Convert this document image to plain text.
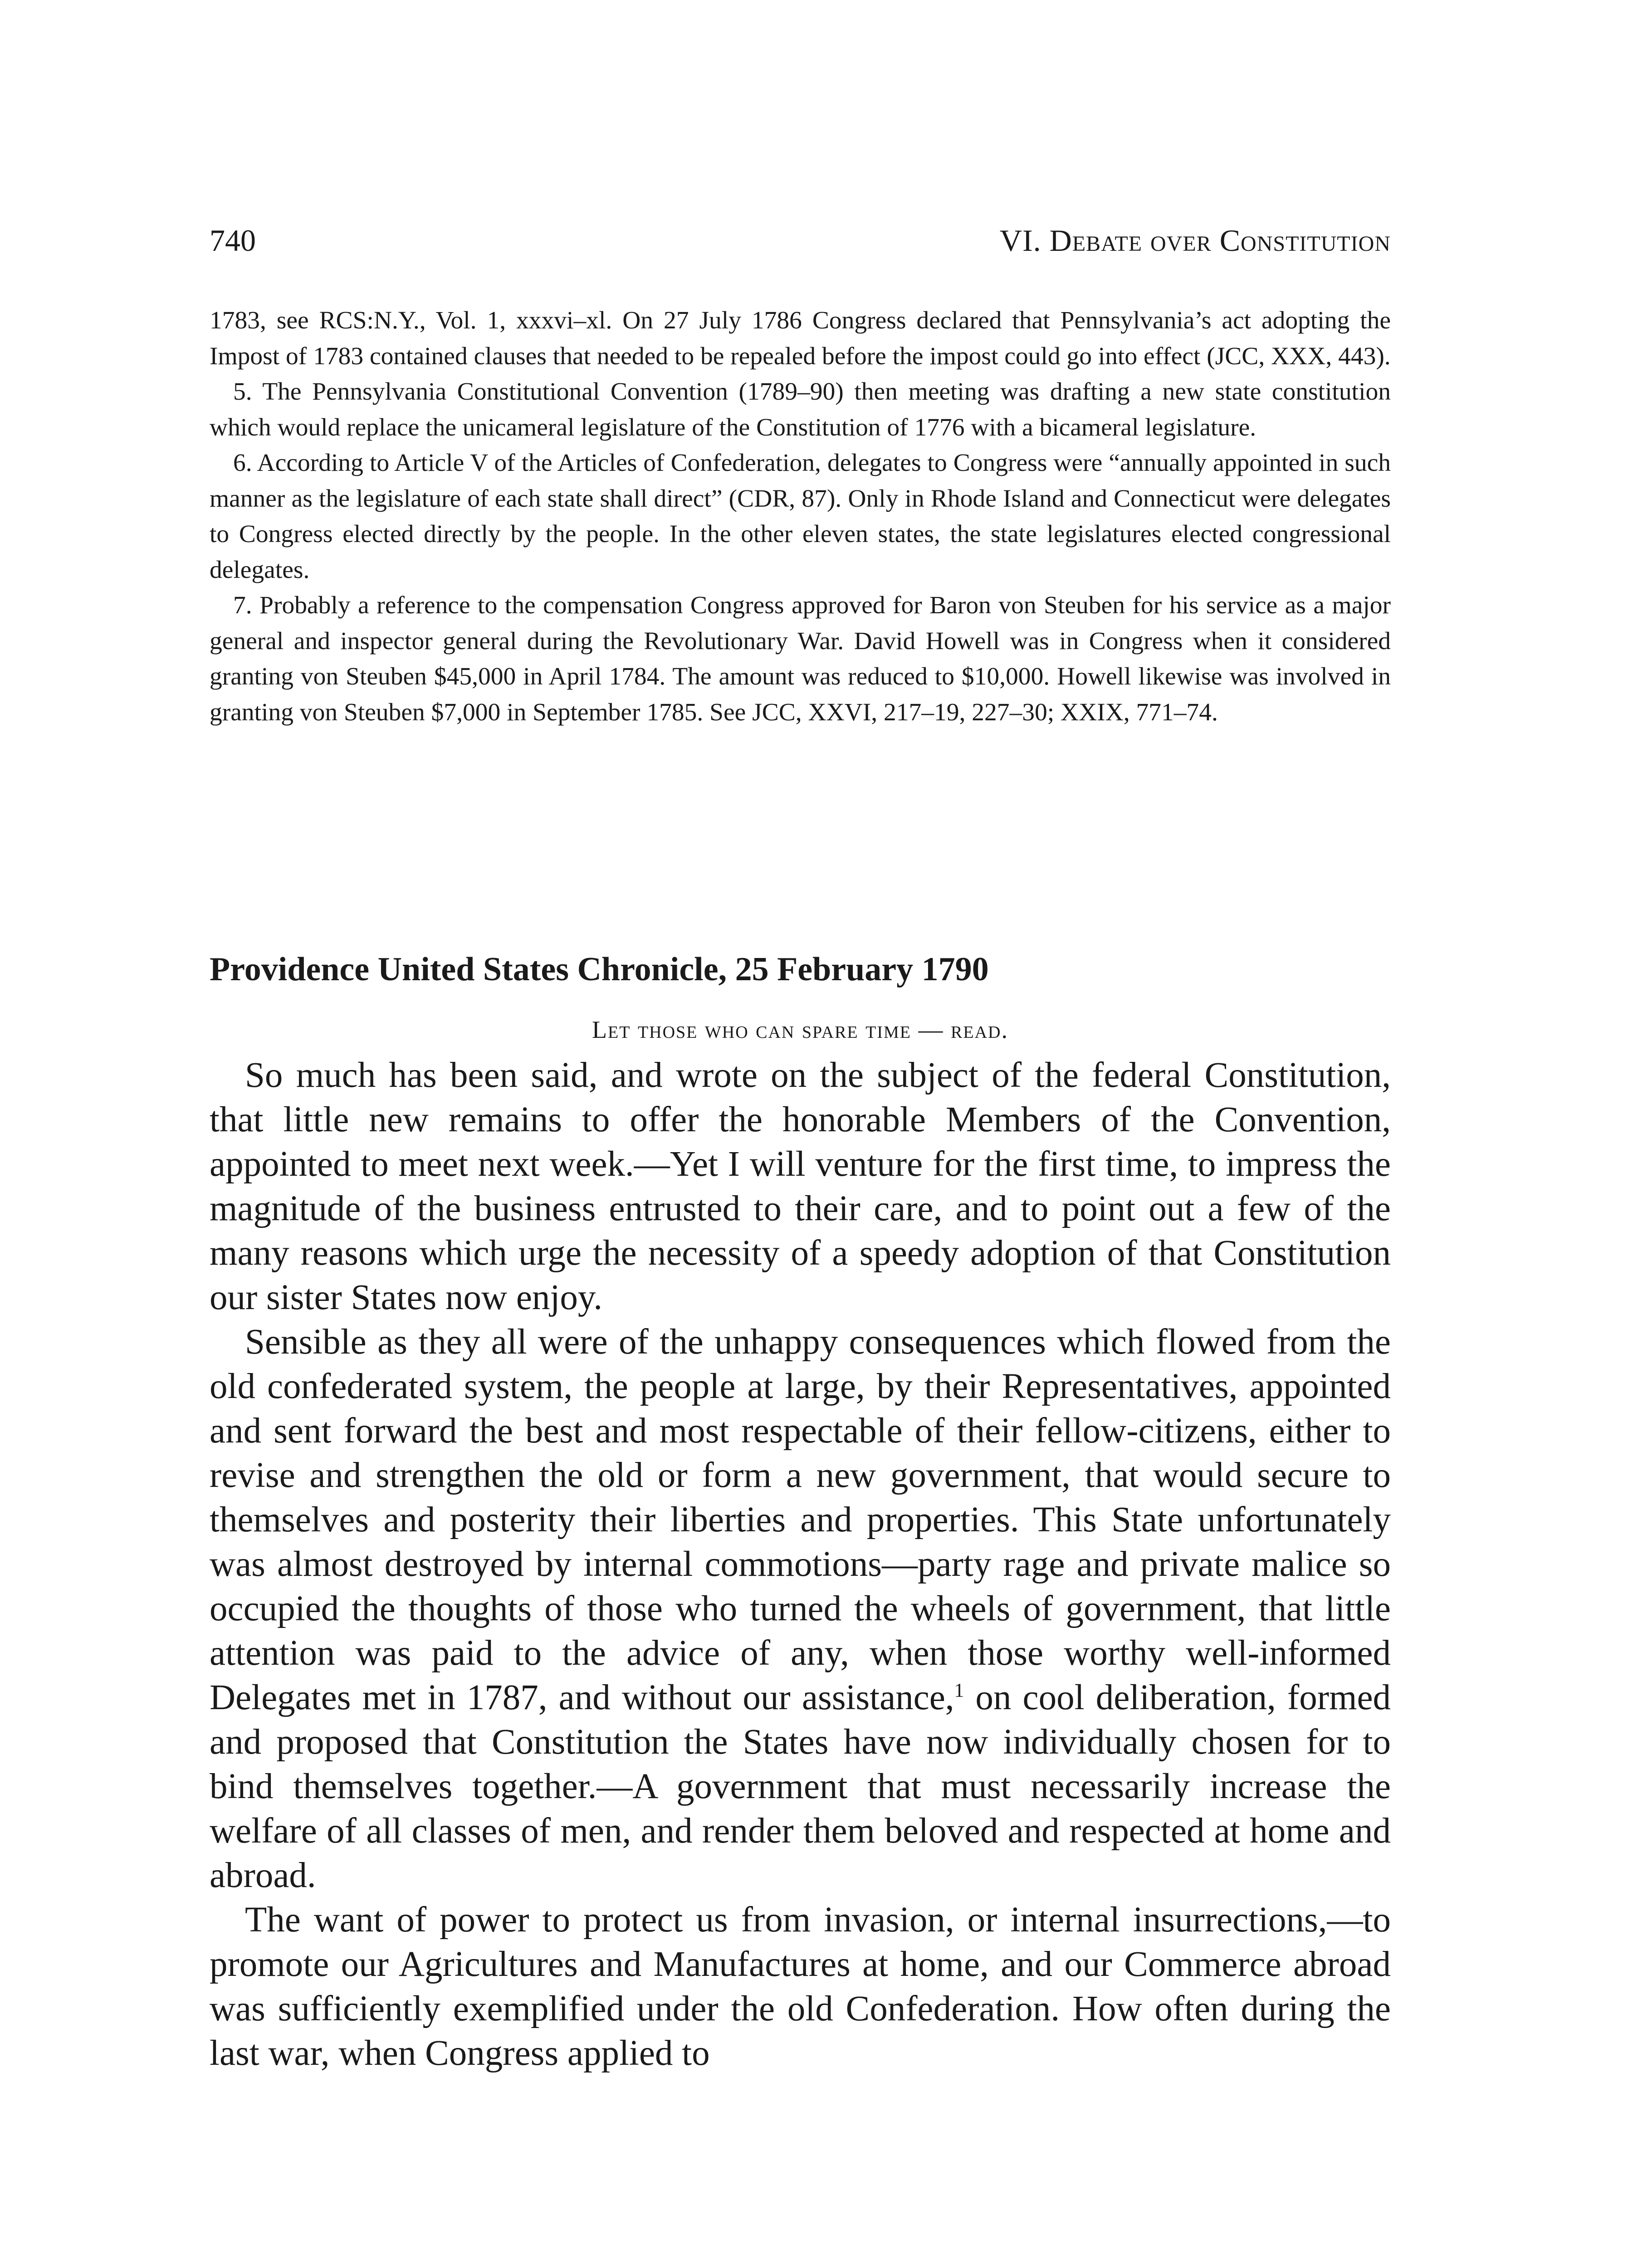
740	VI. Debate over Constitution

1783, see RCS:N.Y., Vol. 1, xxxvi–xl. On 27 July 1786 Congress declared that Pennsylvania’s act adopting the Impost of 1783 contained clauses that needed to be repealed before the impost could go into effect (JCC, XXX, 443).

5. The Pennsylvania Constitutional Convention (1789–90) then meeting was drafting a new state constitution which would replace the unicameral legislature of the Constitution of 1776 with a bicameral legislature.

6. According to Article V of the Articles of Confederation, delegates to Congress were “annually appointed in such manner as the legislature of each state shall direct” (CDR, 87). Only in Rhode Island and Connecticut were delegates to Congress elected directly by the people. In the other eleven states, the state legislatures elected congressional delegates.

7. Probably a reference to the compensation Congress approved for Baron von Steuben for his service as a major general and inspector general during the Revolutionary War. David Howell was in Congress when it considered granting von Steuben $45,000 in April 1784. The amount was reduced to $10,000. Howell likewise was involved in granting von Steuben $7,000 in September 1785. See JCC, XXVI, 217–19, 227–30; XXIX, 771–74.

Providence United States Chronicle, 25 February 1790
Let those who can spare time — read.

So much has been said, and wrote on the subject of the federal Constitution, that little new remains to offer the honorable Members of the Convention, appointed to meet next week.—Yet I will venture for the first time, to impress the magnitude of the business entrusted to their care, and to point out a few of the many reasons which urge the necessity of a speedy adoption of that Constitution our sister States now enjoy.

Sensible as they all were of the unhappy consequences which flowed from the old confederated system, the people at large, by their Representatives, appointed and sent forward the best and most respectable of their fellow-citizens, either to revise and strengthen the old or form a new government, that would secure to themselves and posterity their liberties and properties. This State unfortunately was almost destroyed by internal commotions—party rage and private malice so occupied the thoughts of those who turned the wheels of government, that little attention was paid to the advice of any, when those worthy well-informed Delegates met in 1787, and without our assistance,$^1$ on cool deliberation, formed and proposed that Constitution the States have now individually chosen for to bind themselves together.—A government that must necessarily increase the welfare of all classes of men, and render them beloved and respected at home and abroad.

The want of power to protect us from invasion, or internal insurrections,—to promote our Agricultures and Manufactures at home, and our Commerce abroad was sufficiently exemplified under the old Confederation. How often during the last war, when Congress applied to
